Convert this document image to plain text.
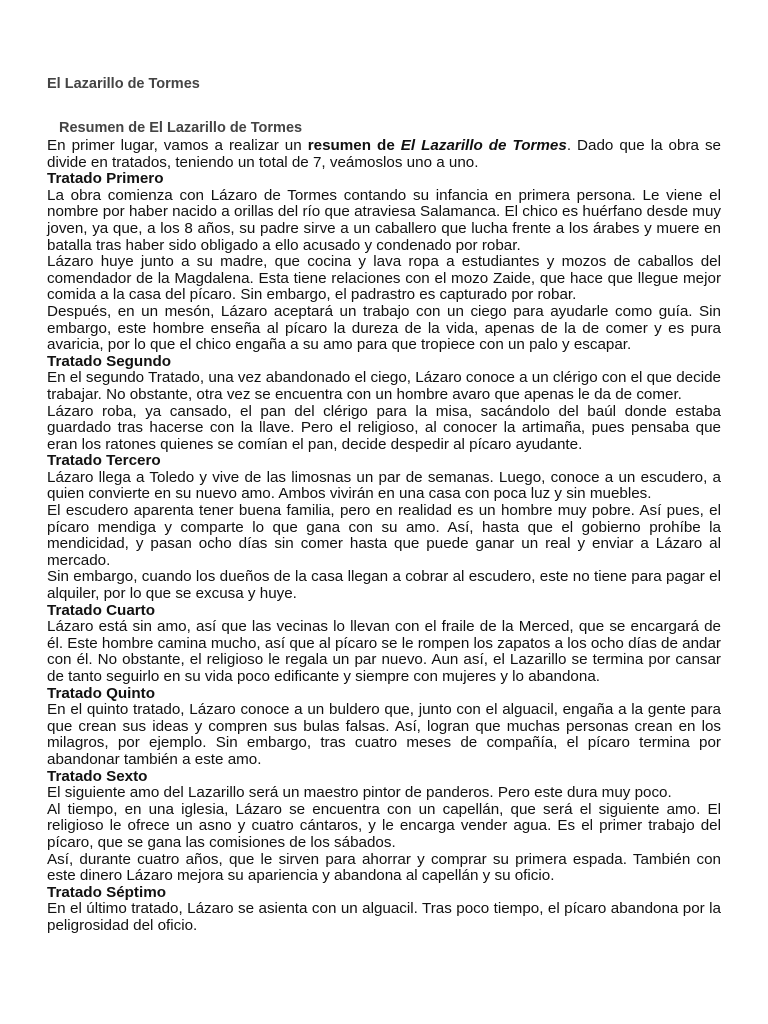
El Lazarillo de Tormes
Resumen de El Lazarillo de Tormes

En primer lugar, vamos a realizar un resumen de El Lazarillo de Tormes. Dado que la obra se divide en tratados, teniendo un total de 7, veámoslos uno a uno.

Tratado Primero

La obra comienza con Lázaro de Tormes contando su infancia en primera persona. Le viene el nombre por haber nacido a orillas del río que atraviesa Salamanca. El chico es huérfano desde muy joven, ya que, a los 8 años, su padre sirve a un caballero que lucha frente a los árabes y muere en batalla tras haber sido obligado a ello acusado y condenado por robar.

Lázaro huye junto a su madre, que cocina y lava ropa a estudiantes y mozos de caballos del comendador de la Magdalena. Esta tiene relaciones con el mozo Zaide, que hace que llegue mejor comida a la casa del pícaro. Sin embargo, el padrastro es capturado por robar.

Después, en un mesón, Lázaro aceptará un trabajo con un ciego para ayudarle como guía. Sin embargo, este hombre enseña al pícaro la dureza de la vida, apenas de la de comer y es pura avaricia, por lo que el chico engaña a su amo para que tropiece con un palo y escapar.

Tratado Segundo

En el segundo Tratado, una vez abandonado el ciego, Lázaro conoce a un clérigo con el que decide trabajar. No obstante, otra vez se encuentra con un hombre avaro que apenas le da de comer.

Lázaro roba, ya cansado, el pan del clérigo para la misa, sacándolo del baúl donde estaba guardado tras hacerse con la llave. Pero el religioso, al conocer la artimaña, pues pensaba que eran los ratones quienes se comían el pan, decide despedir al pícaro ayudante.

Tratado Tercero

Lázaro llega a Toledo y vive de las limosnas un par de semanas. Luego, conoce a un escudero, a quien convierte en su nuevo amo. Ambos vivirán en una casa con poca luz y sin muebles.

El escudero aparenta tener buena familia, pero en realidad es un hombre muy pobre. Así pues, el pícaro mendiga y comparte lo que gana con su amo. Así, hasta que el gobierno prohíbe la mendicidad, y pasan ocho días sin comer hasta que puede ganar un real y enviar a Lázaro al mercado.

Sin embargo, cuando los dueños de la casa llegan a cobrar al escudero, este no tiene para pagar el alquiler, por lo que se excusa y huye.

Tratado Cuarto

Lázaro está sin amo, así que las vecinas lo llevan con el fraile de la Merced, que se encargará de él. Este hombre camina mucho, así que al pícaro se le rompen los zapatos a los ocho días de andar con él. No obstante, el religioso le regala un par nuevo. Aun así, el Lazarillo se termina por cansar de tanto seguirlo en su vida poco edificante y siempre con mujeres y lo abandona.

Tratado Quinto

En el quinto tratado, Lázaro conoce a un buldero que, junto con el alguacil, engaña a la gente para que crean sus ideas y compren sus bulas falsas. Así, logran que muchas personas crean en los milagros, por ejemplo. Sin embargo, tras cuatro meses de compañía, el pícaro termina por abandonar también a este amo.

Tratado Sexto

El siguiente amo del Lazarillo será un maestro pintor de panderos. Pero este dura muy poco.

Al tiempo, en una iglesia, Lázaro se encuentra con un capellán, que será el siguiente amo. El religioso le ofrece un asno y cuatro cántaros, y le encarga vender agua. Es el primer trabajo del pícaro, que se gana las comisiones de los sábados.

Así, durante cuatro años, que le sirven para ahorrar y comprar su primera espada. También con este dinero Lázaro mejora su apariencia y abandona al capellán y su oficio.

Tratado Séptimo

En el último tratado, Lázaro se asienta con un alguacil. Tras poco tiempo, el pícaro abandona por la peligrosidad del oficio.
